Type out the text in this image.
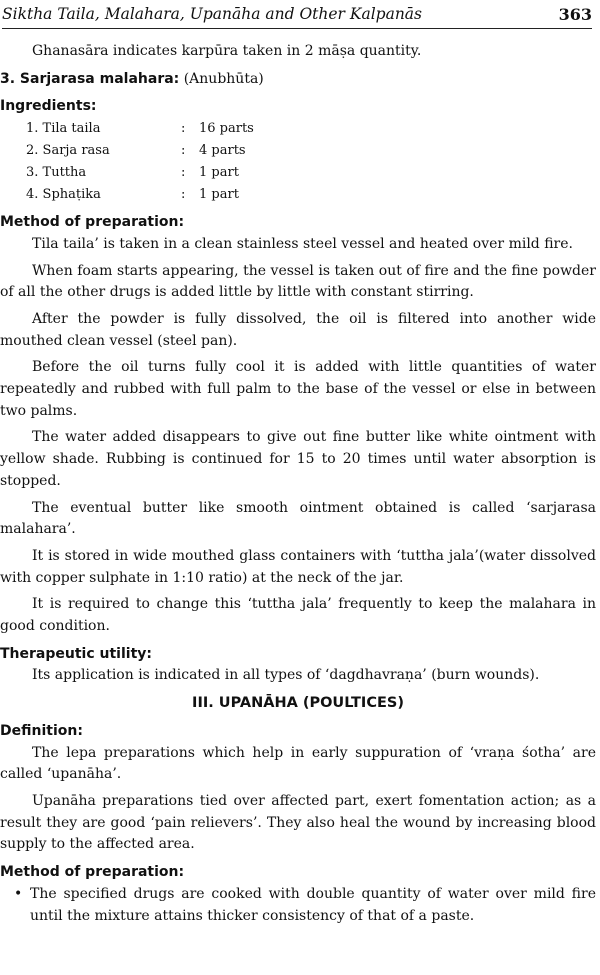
Siktha Taila, Malahara, Upanāha and Other Kalpanās	363

Ghanasāra indicates karpūra taken in 2 māṣa quantity.

3. Sarjarasa malahara: (Anubhūta)

Ingredients:

1. Tila taila	:	16 parts
2. Sarja rasa	:	4 parts
3. Tuttha	:	1 part
4. Sphaṭika	:	1 part

Method of preparation:

Tila taila’ is taken in a clean stainless steel vessel and heated over mild fire.

When foam starts appearing, the vessel is taken out of fire and the fine powder of all the other drugs is added little by little with constant stirring.

After the powder is fully dissolved, the oil is filtered into another wide mouthed clean vessel (steel pan).

Before the oil turns fully cool it is added with little quantities of water repeatedly and rubbed with full palm to the base of the vessel or else in between two palms.

The water added disappears to give out fine butter like white ointment with yellow shade. Rubbing is continued for 15 to 20 times until water absorption is stopped.

The eventual butter like smooth ointment obtained is called ‘sarjarasa malahara’.

It is stored in wide mouthed glass containers with ‘tuttha jala’(water dissolved with copper sulphate in 1:10 ratio) at the neck of the jar.

It is required to change this ‘tuttha jala’ frequently to keep the malahara in good condition.

Therapeutic utility:

Its application is indicated in all types of ‘dagdhavraṇa’ (burn wounds).

III. UPANĀHA (POULTICES)

Definition:

The lepa preparations which help in early suppuration of ‘vraṇa śotha’ are called ‘upanāha’.

Upanāha preparations tied over affected part, exert fomentation action; as a result they are good ‘pain relievers’. They also heal the wound by increasing blood supply to the affected area.

Method of preparation:

• The specified drugs are cooked with double quantity of water over mild fire until the mixture attains thicker consistency of that of a paste.
